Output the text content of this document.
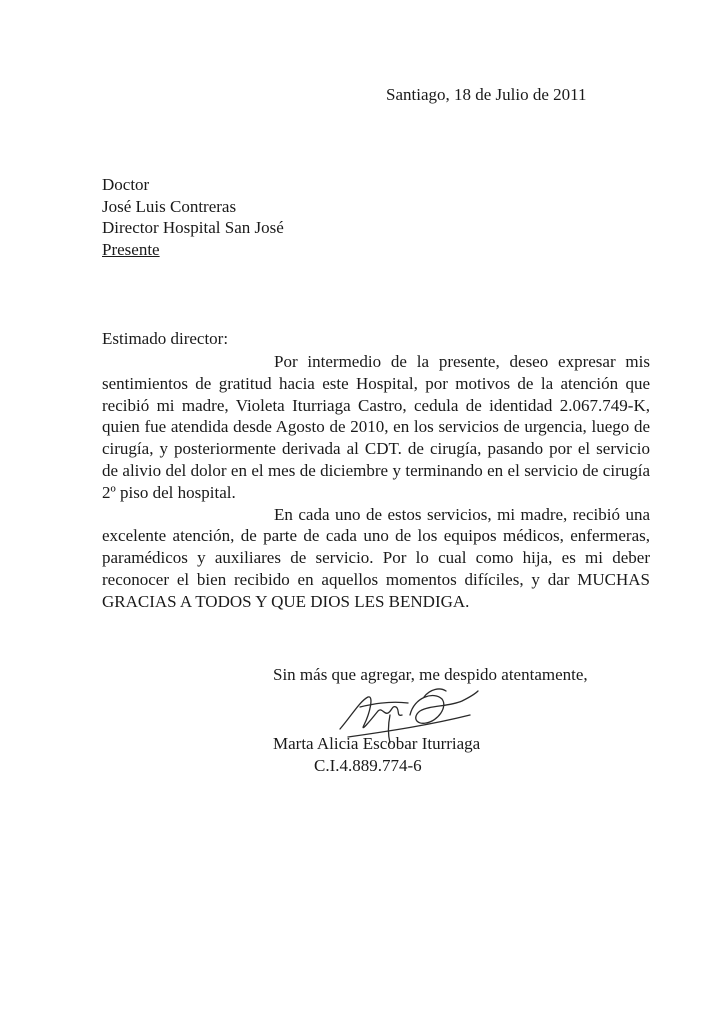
Santiago, 18 de Julio de 2011
Doctor
José Luis Contreras
Director Hospital San José
Presente
Estimado director:

Por intermedio de la presente, deseo expresar mis sentimientos de gratitud hacia este Hospital, por motivos de la atención que recibió mi madre, Violeta Iturriaga Castro, cedula de identidad 2.067.749-K, quien fue atendida desde Agosto de 2010, en los servicios de urgencia, luego de cirugía, y posteriormente derivada al CDT. de cirugía, pasando por el servicio de alivio del dolor en el mes de diciembre y terminando en el servicio de cirugía 2º piso del hospital.

En cada uno de estos servicios, mi madre, recibió una excelente atención, de parte de cada uno de los equipos médicos, enfermeras, paramédicos y auxiliares de servicio. Por lo cual como hija, es mi deber reconocer el bien recibido en aquellos momentos difíciles, y dar MUCHAS GRACIAS A TODOS Y QUE DIOS LES BENDIGA.

Sin más que agregar, me despido atentamente,
Marta Alicia Escobar Iturriaga
C.I.4.889.774-6
